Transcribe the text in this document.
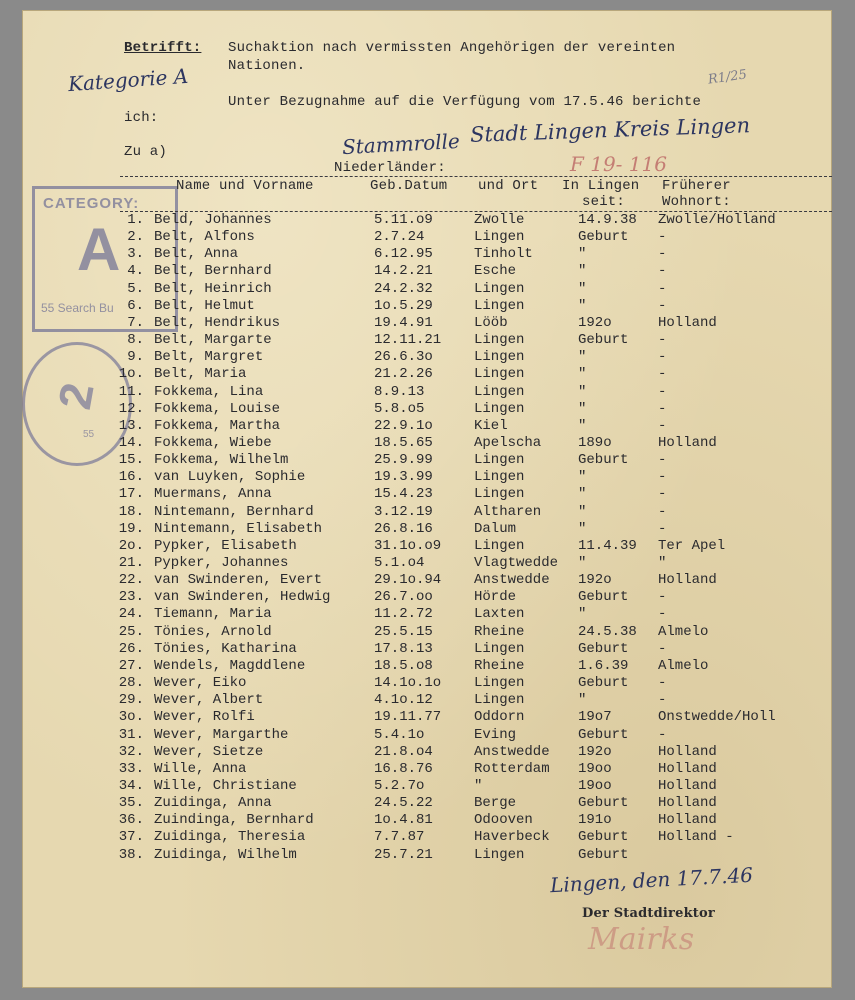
Betrifft: Suchaktion nach vermissten Angehörigen der vereinten
Nationen.
Unter Bezugnahme auf die Verfügung vom 17.5.46 berichte
ich:
Zu a)
Niederländer:
Kategorie A
Stammrolle Stadt Lingen Kreis Lingen
F 19- 116
R1/25
CATEGORY:
A
55 Search Bu
2
55
Name und Vorname	Geb.Datum und Ort In Lingen
seit:
Früherer
Wohnort:
1. Beld, Johannes	5.11.o9	Zwolle	14.9.38 Zwolle/Holland
2. Belt, Alfons	2.7.24	Lingen	Geburt -
3. Belt, Anna	6.12.95	Tinholt	"	-
4. Belt, Bernhard	14.2.21	Esche	"	-
5. Belt, Heinrich	24.2.32	Lingen	"	-
6. Belt, Helmut	1o.5.29	Lingen	"	-
7. Belt, Hendrikus	19.4.91	Lööb	192o	Holland
8. Belt, Margarte	12.11.21 Lingen	Geburt -
9. Belt, Margret	26.6.3o	Lingen	"	-
1o. Belt, Maria	21.2.26	Lingen	"	-
11. Fokkema, Lina	8.9.13	Lingen	"	-
12. Fokkema, Louise	5.8.o5	Lingen	"	-
13. Fokkema, Martha	22.9.1o	Kiel	"	-
14. Fokkema, Wiebe	18.5.65	Apelscha	189o	Holland
15. Fokkema, Wilhelm	25.9.99	Lingen	Geburt -
16. van Luyken, Sophie	19.3.99	Lingen	"	-
17. Muermans, Anna	15.4.23	Lingen	"	-
18. Nintemann, Bernhard	3.12.19	Altharen	"	-
19. Nintemann, Elisabeth	26.8.16	Dalum	"	-
2o. Pypker, Elisabeth	31.1o.o9 Lingen	11.4.39 Ter Apel
21. Pypker, Johannes	5.1.o4	Vlagtwedde "	"
22. van Swinderen, Evert	29.1o.94 Anstwedde 192o	Holland
23. van Swinderen, Hedwig	26.7.oo	Hörde	Geburt -
24. Tiemann, Maria	11.2.72	Laxten	"	-
25. Tönies, Arnold	25.5.15	Rheine	24.5.38 Almelo
26. Tönies, Katharina	17.8.13	Lingen	Geburt -
27. Wendels, Magddlene	18.5.o8	Rheine	1.6.39 Almelo
28. Wever, Eiko	14.1o.1o Lingen	Geburt -
29. Wever, Albert	4.1o.12	Lingen	"	-
3o. Wever, Rolfi	19.11.77 Oddorn	19o7	Onstwedde/Holl
31. Wever, Margarthe	5.4.1o	Eving	Geburt -
32. Wever, Sietze	21.8.o4	Anstwedde 192o	Holland
33. Wille, Anna	16.8.76	Rotterdam 19oo	Holland
34. Wille, Christiane	5.2.7o	"	19oo	Holland
35. Zuidinga, Anna	24.5.22	Berge	Geburt Holland
36. Zuindinga, Bernhard	1o.4.81	Odooven	191o	Holland
37. Zuidinga, Theresia	7.7.87	Haverbeck Geburt Holland -
38. Zuidinga, Wilhelm	25.7.21	Lingen	Geburt
Lingen, den 17.7.46
Der Stadtdirektor
Mairks
